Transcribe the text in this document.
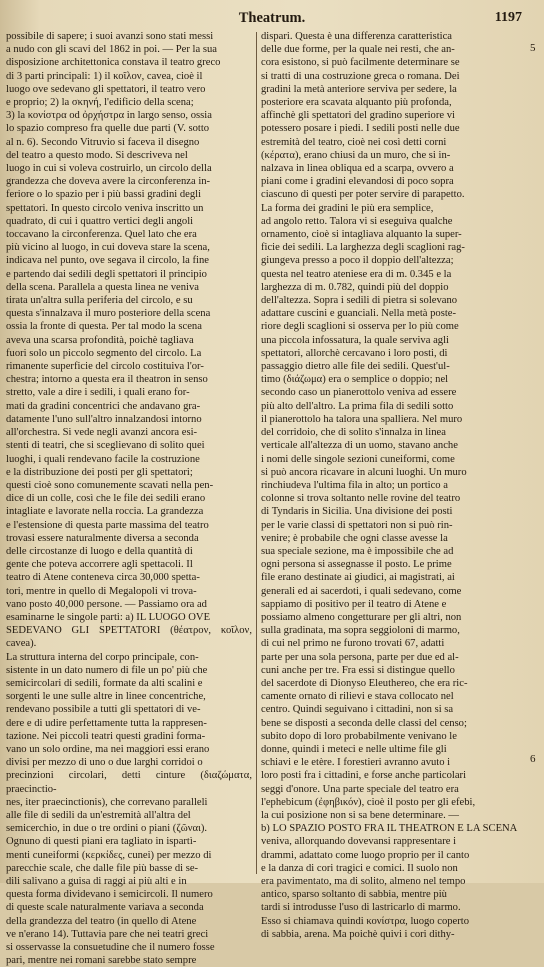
Theatrum.	1197
possibile di sapere; i suoi avanzi sono stati messi
a nudo con gli scavi del 1862 in poi. — Per la sua
disposizione architettonica constava il teatro greco
di 3 parti principali: 1) il κοῖλον, cavea, cioè il
luogo ove sedevano gli spettatori, il teatro vero
e proprio; 2) la σκηνή, l'edificio della scena;
3) la κονίστρα od ὀρχήστρα in largo senso, ossia
lo spazio compreso fra quelle due parti (V. sotto
al n. 6). Secondo Vitruvio si faceva il disegno
del teatro a questo modo. Si descriveva nel
luogo in cui si voleva costruirlo, un circolo della
grandezza che doveva avere la circonferenza in-
feriore o lo spazio per i più bassi gradini degli
spettatori. In questo circolo veniva inscritto un
quadrato, di cui i quattro vertici degli angoli
toccavano la circonferenza. Quel lato che era
più vicino al luogo, in cui doveva stare la scena,
indicava nel punto, ove segava il circolo, la fine
e partendo dai sedili degli spettatori il principio
della scena. Parallela a questa linea ne veniva
tirata un'altra sulla periferia del circolo, e su
questa s'innalzava il muro posteriore della scena
ossia la fronte di questa. Per tal modo la scena
aveva una scarsa profondità, poichè tagliava
fuori solo un piccolo segmento del circolo. La
rimanente superficie del circolo costituiva l'or-
chestra; intorno a questa era il theatron in senso
stretto, vale a dire i sedili, i quali erano for-
mati da gradini concentrici che andavano gra-
datamente l'uno sull'altro innalzandosi intorno
all'orchestra. Si vede negli avanzi ancora esi-
stenti di teatri, che si sceglievano di solito quei
luoghi, i quali rendevano facile la costruzione
e la distribuzione dei posti per gli spettatori;
questi cioè sono comunemente scavati nella pen-
dice di un colle, così che le file dei sedili erano
intagliate e lavorate nella roccia. La grandezza
e l'estensione di questa parte massima del teatro
trovasi essere naturalmente diversa a seconda
delle circostanze di luogo e della quantità di
gente che poteva accorrere agli spettacoli. Il
teatro di Atene conteneva circa 30,000 spetta-
tori, mentre in quello di Megalopoli vi trova-
vano posto 40,000 persone. — Passiamo ora ad
esaminarne le singole parti: a) IL LUOGO OVE
SEDEVANO GLI SPETTATORI (θέατρον, κοῖλον, cavea).
La struttura interna del corpo principale, con-
sistente in un dato numero di file un po' più che
semicircolari di sedili, formate da alti scalini e
sorgenti le une sulle altre in linee concentriche,
rendevano possibile a tutti gli spettatori di ve-
dere e di udire perfettamente tutta la rappresen-
tazione. Nei piccoli teatri questi gradini forma-
vano un solo ordine, ma nei maggiori essi erano
divisi per mezzo di uno o due larghi corridoi o
precinzioni circolari, detti cinture (διαζώματα, praecinctio-
nes, iter praecinctionis), che correvano paralleli
alle file di sedili da un'estremità all'altra del
semicerchio, in due o tre ordini o piani (ζῶναι).
Ognuno di questi piani era tagliato in ispartì-
menti cuneiformi (κερκίδες, cunei) per mezzo di
parecchie scale, che dalle file più basse di se-
dili salivano a guisa di raggi ai più alti e in
questa forma dividevano i semicircoli. Il numero
di queste scale naturalmente variava a seconda
della grandezza del teatro (in quello di Atene
ve n'erano 14). Tuttavia pare che nei teatri greci
si osservasse la consuetudine che il numero fosse
pari, mentre nei romani sarebbe stato sempre
dispari. Questa è una differenza caratteristica
delle due forme, per la quale nei resti, che an-
cora esistono, si può facilmente determinare se
si tratti di una costruzione greca o romana. Dei
gradini la metà anteriore serviva per sedere, la
posteriore era scavata alquanto più profonda,
affinchè gli spettatori del gradino superiore vi
potessero posare i piedi. I sedili posti nelle due
estremità del teatro, cioè nei così detti corni
(κέρατα), erano chiusi da un muro, che si in-
nalzava in linea obliqua ed a scarpa, ovvero a
piani come i gradini elevandosi di poco sopra
ciascuno di questi per poter servire di parapetto.
La forma dei gradini le più era semplice,
ad angolo retto. Talora vi si eseguiva qualche
ornamento, cioè si intagliava alquanto la super-
ficie dei sedili. La larghezza degli scaglioni rag-
giungeva presso a poco il doppio dell'altezza;
questa nel teatro ateniese era di m. 0.345 e la
larghezza di m. 0.782, quindi più del doppio
dell'altezza. Sopra i sedili di pietra si solevano
adattare cuscini e guanciali. Nella metà poste-
riore degli scaglioni si osserva per lo più come
una piccola infossatura, la quale serviva agli
spettatori, allorchè cercavano i loro posti, di
passaggio dietro alle file dei sedili. Quest'ul-
timo (διάζωμα) era o semplice o doppio; nel
secondo caso un pianerottolo veniva ad essere
più alto dell'altro. La prima fila di sedili sotto
il pianerottolo ha talora una spalliera. Nel muro
del corridoio, che di solito s'innalza in linea
verticale all'altezza di un uomo, stavano anche
i nomi delle singole sezioni cuneiformi, come
si può ancora ricavare in alcuni luoghi. Un muro
rinchiudeva l'ultima fila in alto; un portico a
colonne si trova soltanto nelle rovine del teatro
di Tyndaris in Sicilia. Una divisione dei posti
per le varie classi di spettatori non si può rin-
venire; è probabile che ogni classe avesse la
sua speciale sezione, ma è impossibile che ad
ogni persona si assegnasse il posto. Le prime
file erano destinate ai giudici, ai magistrati, ai
generali ed ai sacerdoti, i quali sedevano, come
sappiamo di positivo per il teatro di Atene e
possiamo almeno congetturare per gli altri, non
sulla gradinata, ma sopra seggioloni di marmo,
di cui nel primo ne furono trovati 67, adatti
parte per una sola persona, parte per due ed al-
cuni anche per tre. Fra essi si distingue quello
del sacerdote di Dionyso Eleuthereo, che era ric-
camente ornato di rilievi e stava collocato nel
centro. Quindi seguivano i cittadini, non si sa
bene se disposti a seconda delle classi del censo;
subito dopo di loro probabilmente venivano le
donne, quindi i meteci e nelle ultime file gli
schiavi e le etère. I forestieri avranno avuto i
loro posti fra i cittadini, e forse anche particolari
seggi d'onore. Una parte speciale del teatro era
l'ephebicum (ἐφηβικόν), cioè il posto per gli efebi,
la cui posizione non si sa bene determinare. —
b) LO SPAZIO POSTO FRA IL THEATRON E LA SCENA
veniva, allorquando dovevansi rappresentare i
drammi, adattato come luogo proprio per il canto
e la danza di cori tragici e comici. Il suolo non
era pavimentato, ma di solito, almeno nel tempo
antico, sparso soltanto di sabbia, mentre più
tardi si introdusse l'uso di lastricarlo di marmo.
Esso si chiamava quindi κονίστρα, luogo coperto
di sabbia, arena. Ma poichè quivi i cori dithy-
5
6
